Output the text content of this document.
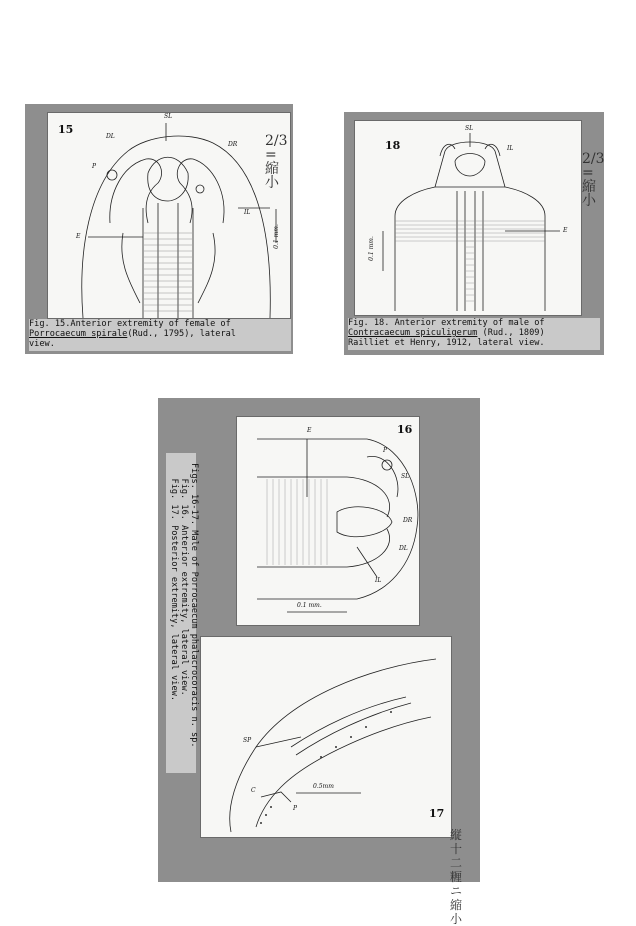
15
SL
DL
DR
P
IL
E	0.1 mm.
2/3 =縮小
Fig. 15.Anterior extremity of female of
Porrocaecum spirale(Rud., 1795), lateral
view.
18
SL
IL
E
0.1 mm.
2/3 =縮小
Fig. 18. Anterior extremity of male of
Contracaecum spiculigerum (Rud., 1809)
Railliet et Henry, 1912, lateral view.
Figs. 16-17. Male of Porrocaecum phalacrocoracis n. sp.
Fig. 16. Anterior extremity, lateral view.
Fig. 17. Posterior extremity, lateral view.
16
E
P
SL
DR
DL
IL
0.1 mm.
17
SP
C
P
0.5mm
縦十二糎ニ縮小
